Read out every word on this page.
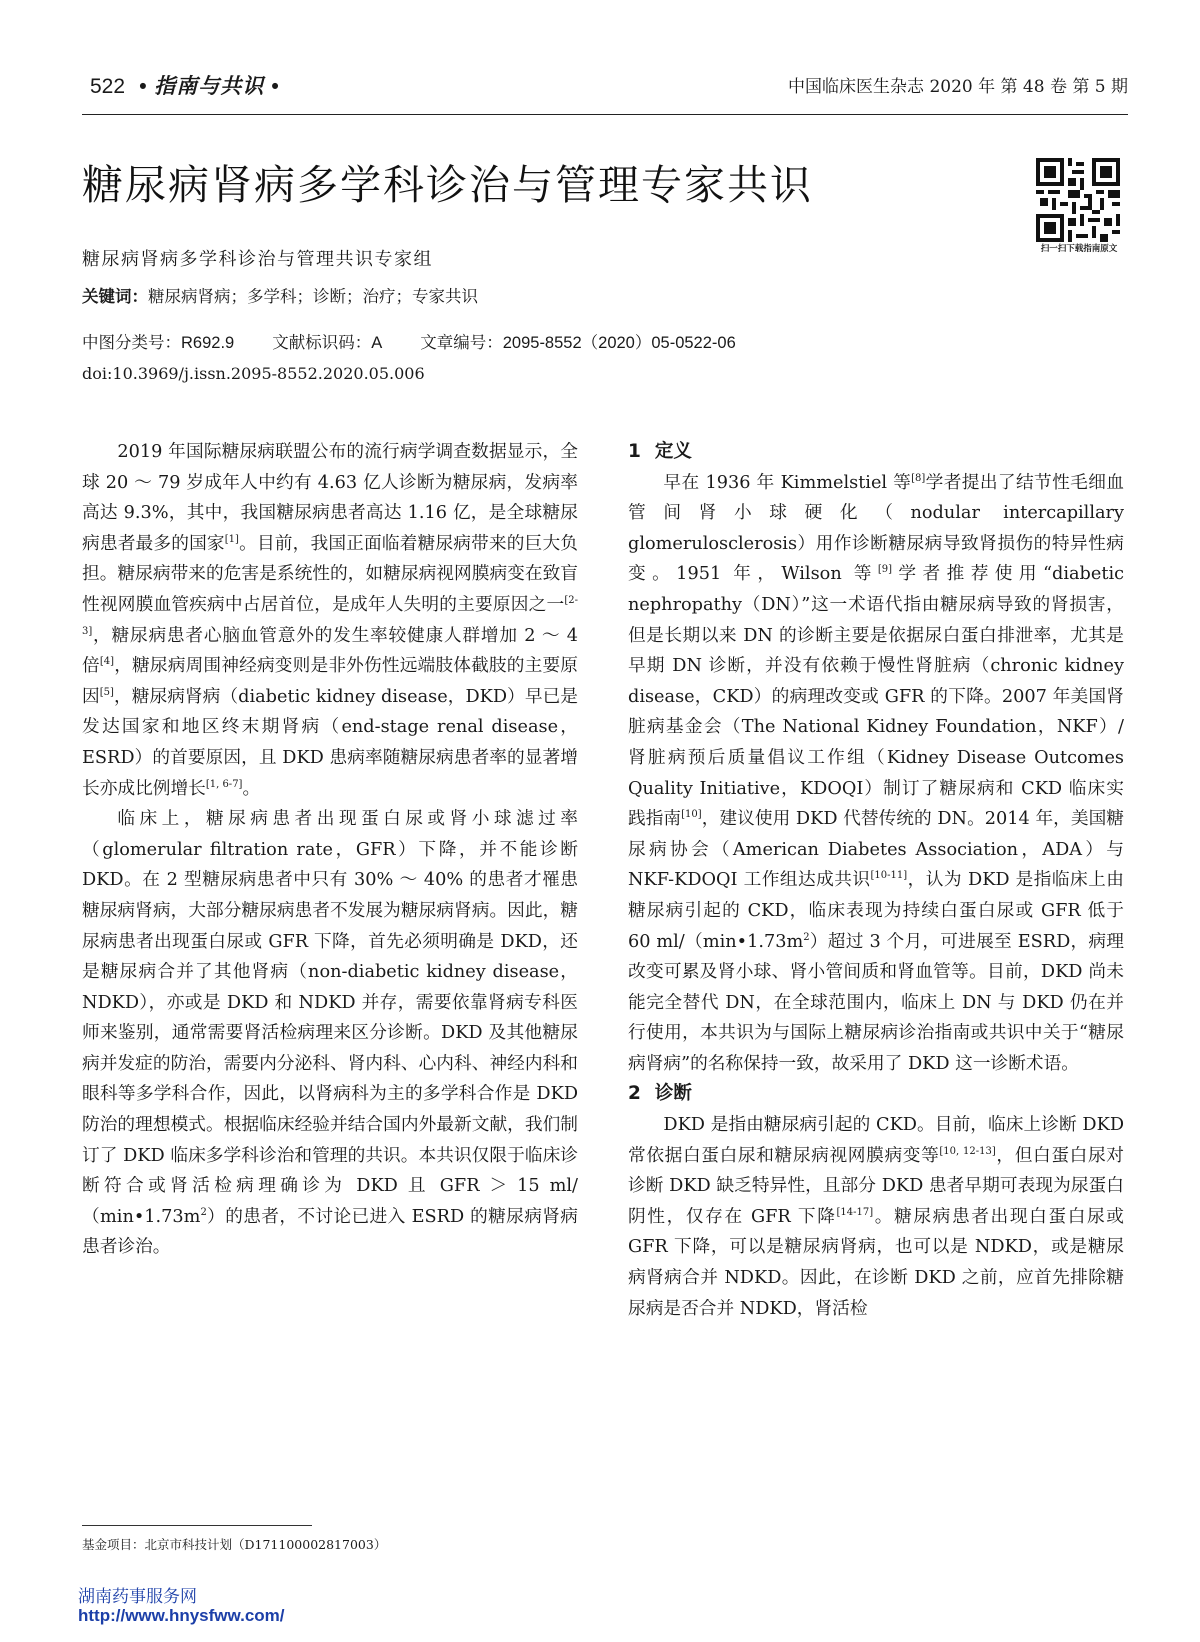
522 • 指南与共识 •	中国临床医生杂志 2020 年 第 48 卷 第 5 期
糖尿病肾病多学科诊治与管理专家共识
扫一扫下载指南原文
糖尿病肾病多学科诊治与管理共识专家组
关键词：糖尿病肾病；多学科；诊断；治疗；专家共识
中图分类号：R692.9 文献标识码：A 文章编号：2095-8552（2020）05-0522-06
doi:10.3969/j.issn.2095-8552.2020.05.006

2019 年国际糖尿病联盟公布的流行病学调查数据显示，全球 20 ～ 79 岁成年人中约有 4.63 亿人诊断为糖尿病，发病率高达 9.3%，其中，我国糖尿病患者高达 1.16 亿，是全球糖尿病患者最多的国家[1]。目前，我国正面临着糖尿病带来的巨大负担。糖尿病带来的危害是系统性的，如糖尿病视网膜病变在致盲性视网膜血管疾病中占居首位，是成年人失明的主要原因之一[2-3]，糖尿病患者心脑血管意外的发生率较健康人群增加 2 ～ 4 倍[4]，糖尿病周围神经病变则是非外伤性远端肢体截肢的主要原因[5]，糖尿病肾病（diabetic kidney disease，DKD）早已是发达国家和地区终末期肾病（end-stage renal disease，ESRD）的首要原因，且 DKD 患病率随糖尿病患者率的显著增长亦成比例增长[1, 6-7]。

临床上，糖尿病患者出现蛋白尿或肾小球滤过率（glomerular filtration rate，GFR）下降，并不能诊断 DKD。在 2 型糖尿病患者中只有 30% ～ 40% 的患者才罹患糖尿病肾病，大部分糖尿病患者不发展为糖尿病肾病。因此，糖尿病患者出现蛋白尿或 GFR 下降，首先必须明确是 DKD，还是糖尿病合并了其他肾病（non-diabetic kidney disease，NDKD），亦或是 DKD 和 NDKD 并存，需要依靠肾病专科医师来鉴别，通常需要肾活检病理来区分诊断。DKD 及其他糖尿病并发症的防治，需要内分泌科、肾内科、心内科、神经内科和眼科等多学科合作，因此，以肾病科为主的多学科合作是 DKD 防治的理想模式。根据临床经验并结合国内外最新文献，我们制订了 DKD 临床多学科诊治和管理的共识。本共识仅限于临床诊断符合或肾活检病理确诊为 DKD 且 GFR ＞ 15 $ml/(\min•1.73m^2)$的患者，不讨论已进入 ESRD 的糖尿病肾病患者诊治。

1 定义

早在 1936 年 Kimmelstiel 等[8]学者提出了结节性毛细血管间肾小球硬化（nodular intercapillary glomerulosclerosis）用作诊断糖尿病导致肾损伤的特异性病变。1951 年，Wilson 等[9]学者推荐使用“diabetic nephropathy（DN）”这一术语代指由糖尿病导致的肾损害，但是长期以来 DN 的诊断主要是依据尿白蛋白排泄率，尤其是早期 DN 诊断，并没有依赖于慢性肾脏病（chronic kidney disease，CKD）的病理改变或 GFR 的下降。2007 年美国肾脏病基金会（The National Kidney Foundation，NKF）/ 肾脏病预后质量倡议工作组（Kidney Disease Outcomes Quality Initiative，KDOQI）制订了糖尿病和 CKD 临床实践指南[10]，建议使用 DKD 代替传统的 DN。2014 年，美国糖尿病协会（American Diabetes Association，ADA）与 NKF-KDOQI 工作组达成共识[10-11]，认为 DKD 是指临床上由糖尿病引起的 CKD，临床表现为持续白蛋白尿或 GFR 低于 60 $ml/(\min•1.73m^2)$超过 3 个月，可进展至 ESRD，病理改变可累及肾小球、肾小管间质和肾血管等。目前，DKD 尚未能完全替代 DN，在全球范围内，临床上 DN 与 DKD 仍在并行使用，本共识为与国际上糖尿病诊治指南或共识中关于“糖尿病肾病”的名称保持一致，故采用了 DKD 这一诊断术语。

2 诊断

DKD 是指由糖尿病引起的 CKD。目前，临床上诊断 DKD 常依据白蛋白尿和糖尿病视网膜病变等[10, 12-13]，但白蛋白尿对诊断 DKD 缺乏特异性，且部分 DKD 患者早期可表现为尿蛋白阴性，仅存在 GFR 下降[14-17]。糖尿病患者出现白蛋白尿或 GFR 下降，可以是糖尿病肾病，也可以是 NDKD，或是糖尿病肾病合并 NDKD。因此，在诊断 DKD 之前，应首先排除糖尿病是否合并 NDKD，肾活检

基金项目：北京市科技计划（D171100002817003）
湖南药事服务网
http://www.hnysfww.com/
